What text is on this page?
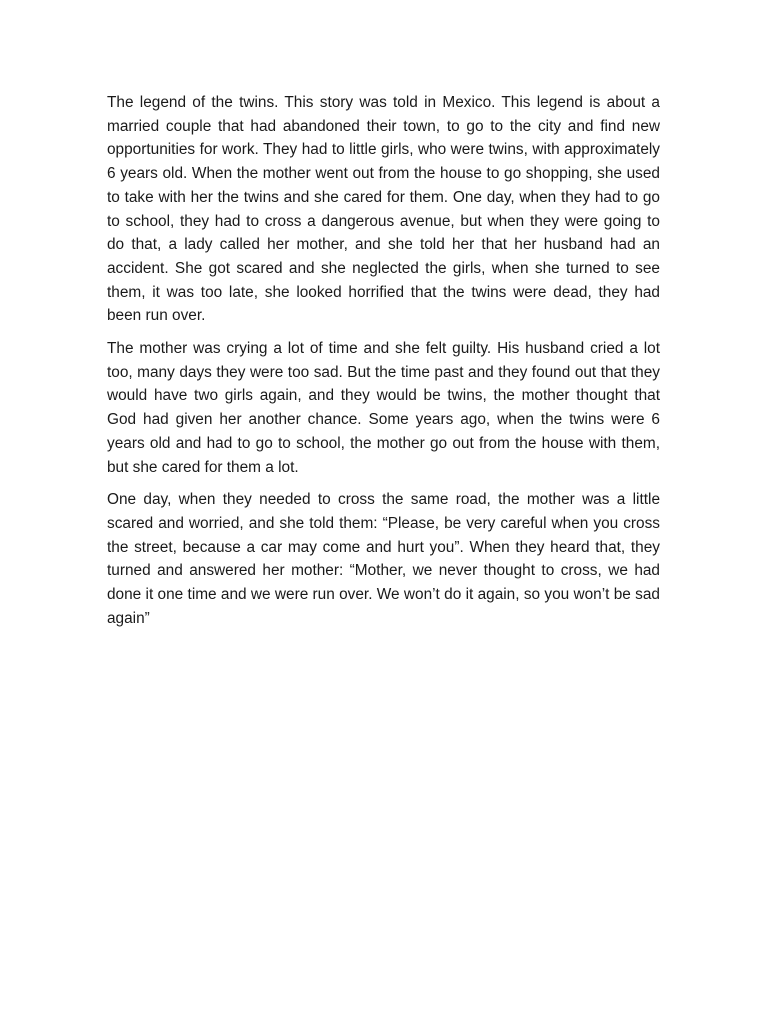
The legend of the twins. This story was told in Mexico. This legend is about a married couple that had abandoned their town, to go to the city and find new opportunities for work. They had to little girls, who were twins, with approximately 6 years old. When the mother went out from the house to go shopping, she used to take with her the twins and she cared for them. One day, when they had to go to school, they had to cross a dangerous avenue, but when they were going to do that, a lady called her mother, and she told her that her husband had an accident. She got scared and she neglected the girls, when she turned to see them, it was too late, she looked horrified that the twins were dead, they had been run over.

The mother was crying a lot of time and she felt guilty. His husband cried a lot too, many days they were too sad. But the time past and they found out that they would have two girls again, and they would be twins, the mother thought that God had given her another chance. Some years ago, when the twins were 6 years old and had to go to school, the mother go out from the house with them, but she cared for them a lot.

One day, when they needed to cross the same road, the mother was a little scared and worried, and she told them: “Please, be very careful when you cross the street, because a car may come and hurt you”. When they heard that, they turned and answered her mother: “Mother, we never thought to cross, we had done it one time and we were run over. We won’t do it again, so you won’t be sad again”
